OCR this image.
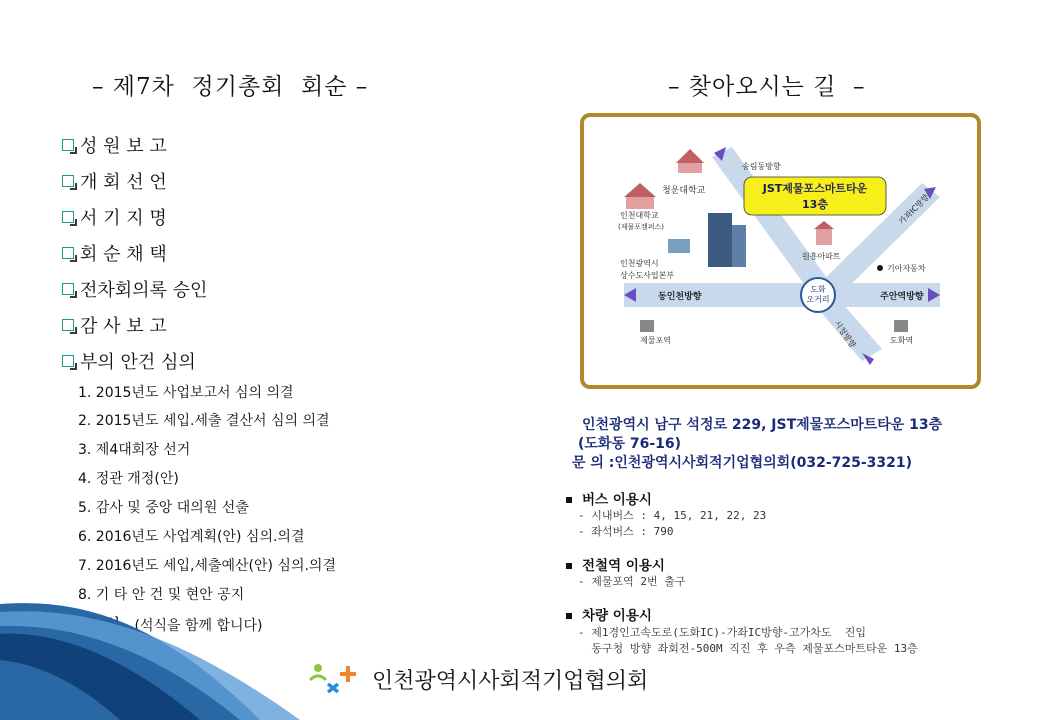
– 제7차  정기총회  회순 –	– 찾아오시는 길  –
성 원 보 고
개 회 선 언
서 기 지 명
회 순 채 택
전차회의록 승인
감 사 보 고
부의 안건 심의
(석식을 함께 합니다)
1. 2015년도 사업보고서 심의 의결
2. 2015년도 세입.세출 결산서 심의 의결
3. 제4대회장 선거
4. 정관 개정(안)
5. 감사 및 중앙 대의원 선출
6. 2016년도 사업계획(안) 심의.의결
7. 2016년도 세입,세출예산(안) 심의.의결
8. 기 타 안 건 및 현안 공지
도화
오거리
JST제물포스마트타운
13층
송림동방향
청운대학교
인천대학교
(제물포캠퍼스)
가좌IC방향
원흥아파트
기아자동차
인천광역시
상수도사업본부
동인천방향	주안역방향
시청방향
제물포역	도화역
인천광역시 남구 석정로 229, JST제물포스마트타운 13층
(도화동 76-16)
문 의 :인천광역시사회적기업협의회(032-725-3321)
버스 이용시
- 시내버스 : 4, 15, 21, 22, 23
- 좌석버스 : 790
전철역 이용시
- 제물포역 2번 출구
차량 이용시
- 제1경인고속도로(도화IC)-가좌IC방향-고가차도  진입
동구청 방향 좌회전-500M 직진 후 우측 제물포스마트타운 13층
인천광역시사회적기업협의회
